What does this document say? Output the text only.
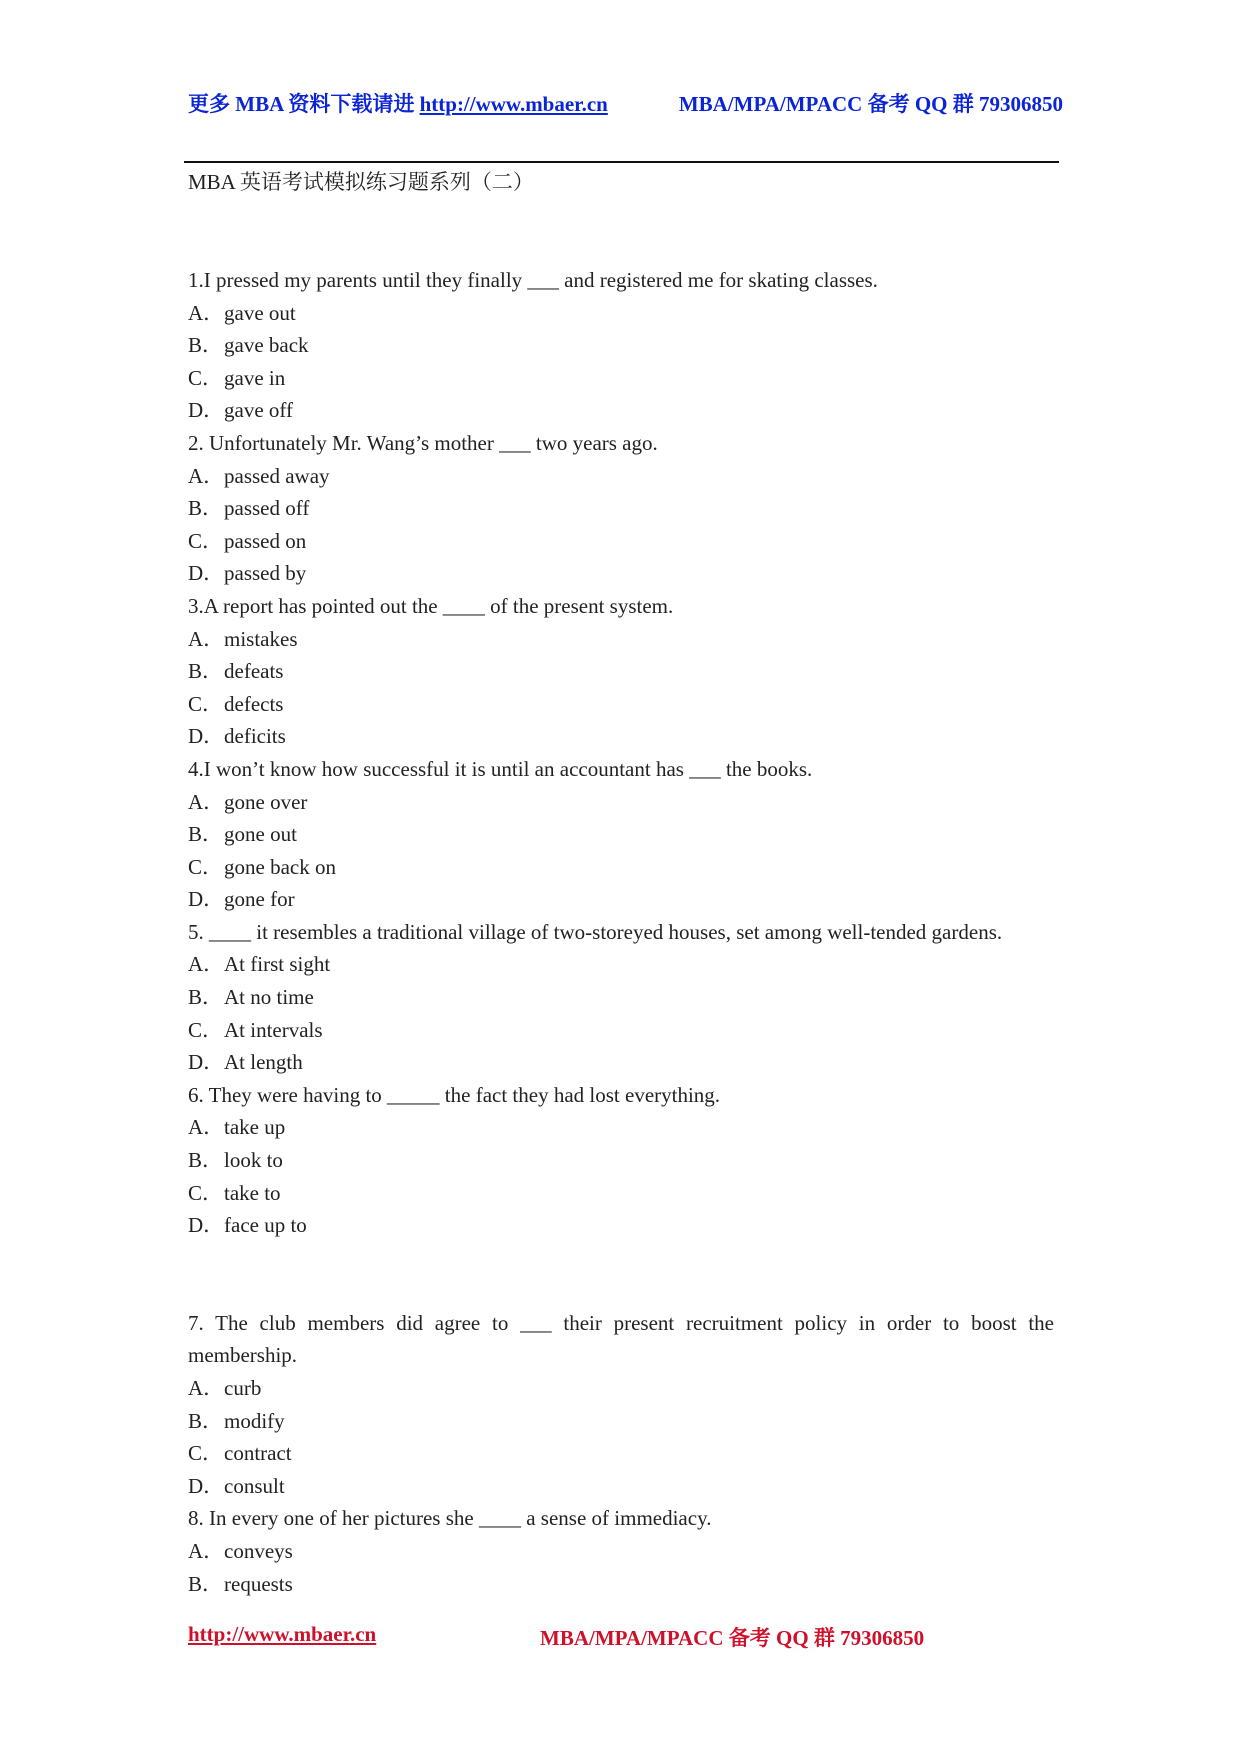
更多 MBA 资料下载请进 http://www.mbaer.cn	MBA/MPA/MPACC 备考 QQ 群 79306850
MBA 英语考试模拟练习题系列（二）
1.I pressed my parents until they finally ___ and registered me for skating classes.
A．gave out
B．gave back
C．gave in
D．gave off
2. Unfortunately Mr. Wang’s mother ___ two years ago.
A．passed away
B．passed off
C．passed on
D．passed by
3.A report has pointed out the ____ of the present system.
A．mistakes
B．defeats
C．defects
D．deficits
4.I won’t know how successful it is until an accountant has ___ the books.
A．gone over
B．gone out
C．gone back on
D．gone for
5. ____ it resembles a traditional village of two-storeyed houses, set among well-tended gardens.
A．At first sight
B．At no time
C．At intervals
D．At length
6. They were having to _____ the fact they had lost everything.
A．take up
B．look to
C．take to
D．face up to
7. The club members did agree to ___ their present recruitment policy in order to boost the membership.
A．curb
B．modify
C．contract
D．consult
8. In every one of her pictures she ____ a sense of immediacy.
A．conveys
B．requests
http://www.mbaer.cn	MBA/MPA/MPACC 备考 QQ 群 79306850
